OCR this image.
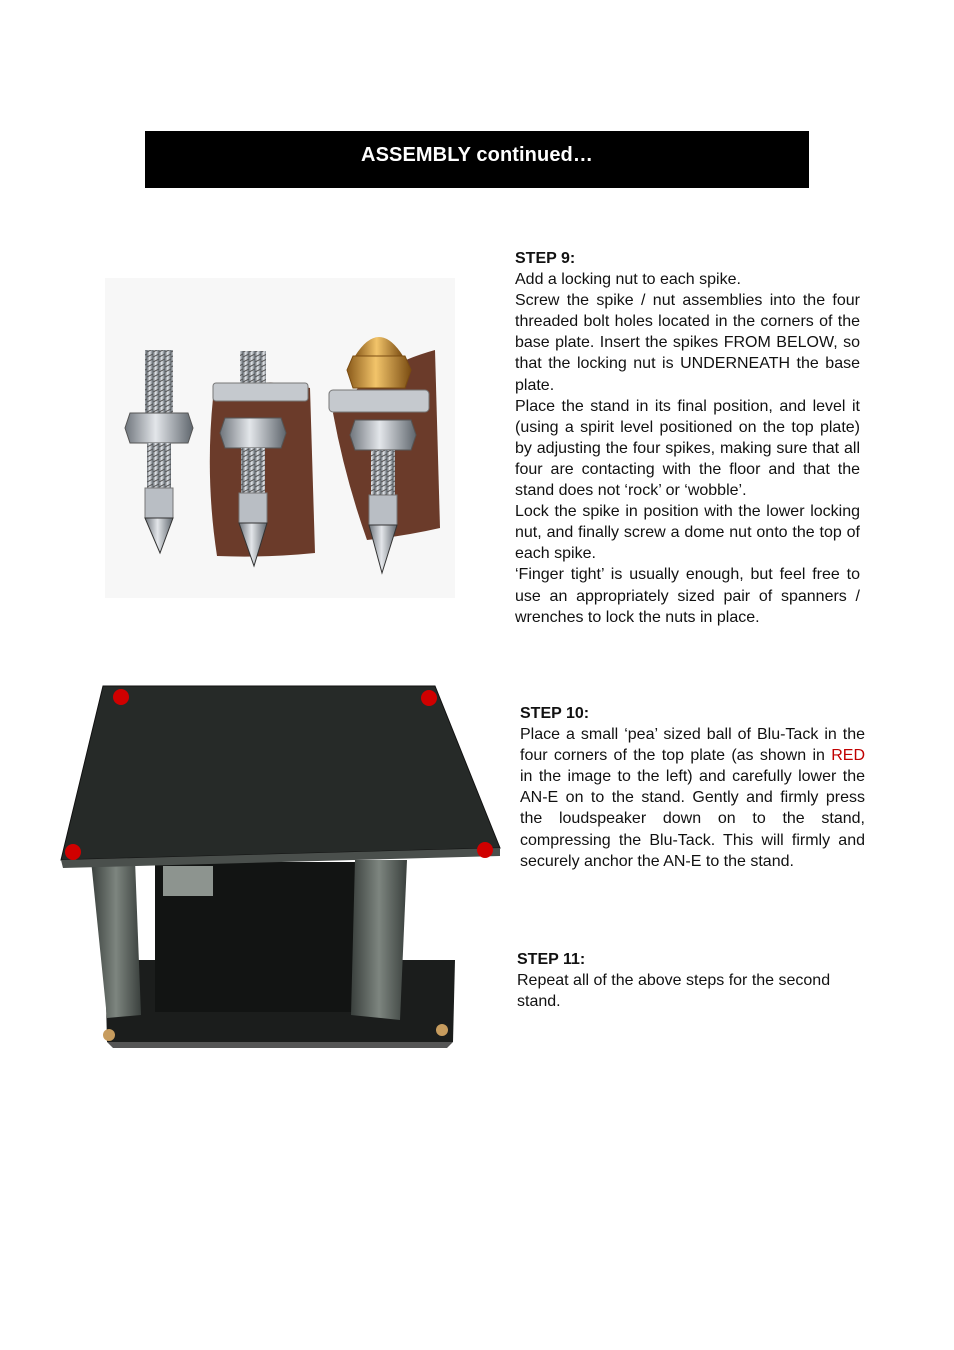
ASSEMBLY continued…
STEP 9:

Add a locking nut to each spike.

Screw the spike / nut assemblies into the four threaded bolt holes located in the corners of the base plate. Insert the spikes FROM BELOW, so that the locking nut is UNDERNEATH the base plate.

Place the stand in its final position, and level it (using a spirit level positioned on the top plate) by adjusting the four spikes, making sure that all four are contacting with the floor and that the stand does not ‘rock’ or ‘wobble’.

Lock the spike in position with the lower locking nut, and finally screw a dome nut onto the top of each spike.

‘Finger tight’ is usually enough, but feel free to use an appropriately sized pair of spanners / wrenches to lock the nuts in place.

STEP 10:

Place a small ‘pea’ sized ball of Blu-Tack in the four corners of the top plate (as shown in RED in the image to the left) and carefully lower the AN-E on to the stand. Gently and firmly press the loudspeaker down on to the stand, compressing the Blu-Tack. This will firmly and securely anchor the AN-E to the stand.

STEP 11:

Repeat all of the above steps for the second stand.
